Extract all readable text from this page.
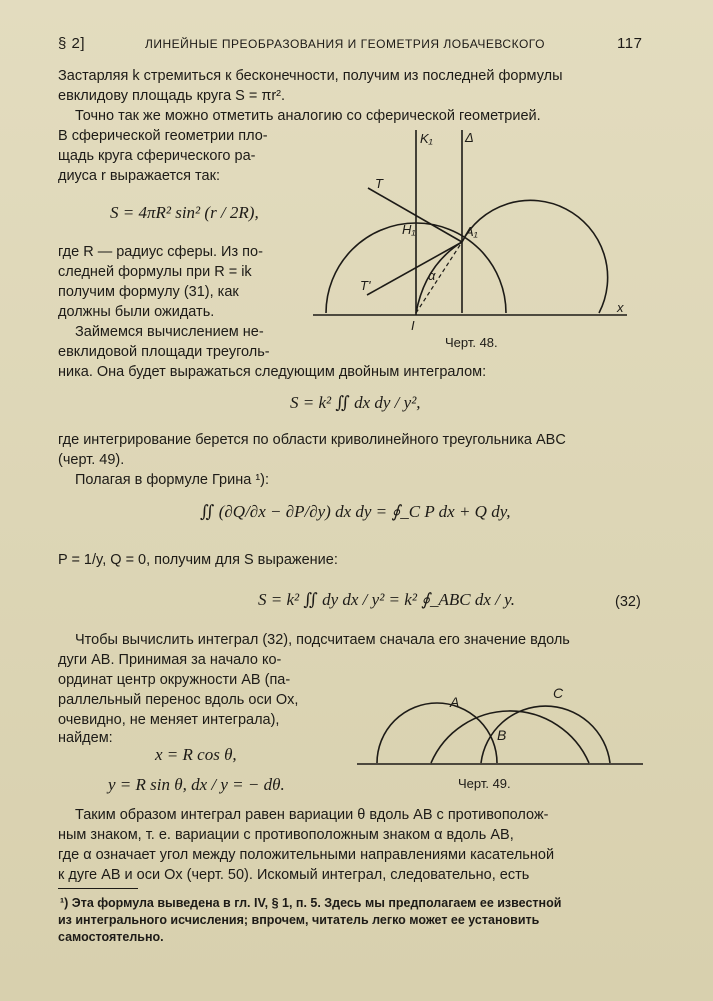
§ 2]	ЛИНЕЙНЫЕ ПРЕОБРАЗОВАНИЯ И ГЕОМЕТРИЯ ЛОБАЧЕВСКОГО	117
Застарляя k стремиться к бесконечности, получим из последней формулы
евклидову площадь круга S = πr².
Точно так же можно отметить аналогию со сферической геометрией.
В сферической геометрии пло-
щадь круга сферического ра-
диуса r выражается так:
S = 4πR² sin² (r / 2R),
где R — радиус сферы. Из по-
следней формулы при R = ik
получим формулу (31), как
должны были ожидать.
Займемся вычислением не-
евклидовой площади треуголь-
K₁ Δ
T
H₁	A₁
T'
α
I
x
Черт. 48.
ника. Она будет выражаться следующим двойным интегралом:
S = k² ∬ dx dy / y²,
где интегрирование берется по области криволинейного треугольника ABC
(черт. 49).
Полагая в формуле Грина ¹):
∬ (∂Q/∂x − ∂P/∂y) dx dy = ∮_C P dx + Q dy,
P = 1/y, Q = 0, получим для S выражение:
S = k² ∬ dy dx / y² = k² ∮_ABC dx / y.	(32)
Чтобы вычислить интеграл (32), подсчитаем сначала его значение вдоль
дуги AB. Принимая за начало ко-
ординат центр окружности AB (па-
раллельный перенос вдоль оси Ox,
очевидно, не меняет интеграла),
найдем:
x = R cos θ,
y = R sin θ, dx / y = − dθ.
A
C
B
Черт. 49.
Таким образом интеграл равен вариации θ вдоль AB с противополож-
ным знаком, т. е. вариации с противоположным знаком α вдоль AB,
где α означает угол между положительными направлениями касательной
к дуге AB и оси Ox (черт. 50). Искомый интеграл, следовательно, есть
¹) Эта формула выведена в гл. IV, § 1, п. 5. Здесь мы предполагаем ее известной
из интегрального исчисления; впрочем, читатель легко может ее установить
самостоятельно.
